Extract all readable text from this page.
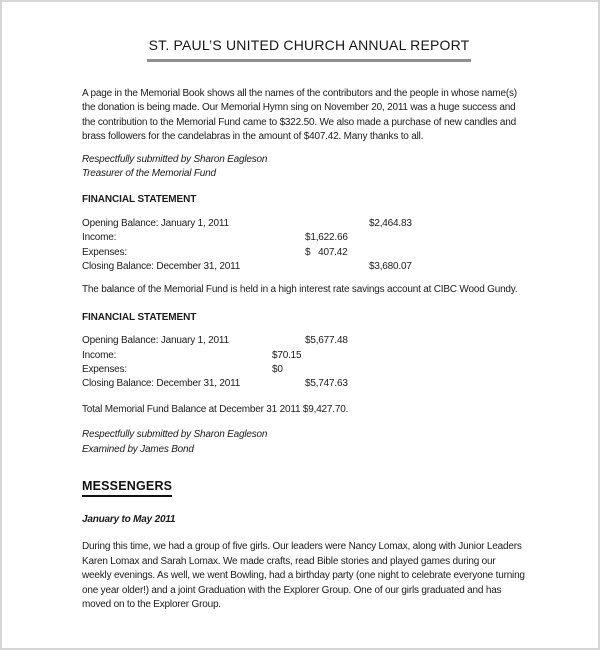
ST. PAUL’S UNITED CHURCH ANNUAL REPORT

A page in the Memorial Book shows all the names of the contributors and the people in whose name(s) the donation is being made. Our Memorial Hymn sing on November 20, 2011 was a huge success and the contribution to the Memorial Fund came to $322.50. We also made a purchase of new candles and brass followers for the candelabras in the amount of $407.42. Many thanks to all.

Respectfully submitted by Sharon Eagleson
Treasurer of the Memorial Fund
FINANCIAL STATEMENT
Opening Balance: January 1, 2011	$2,464.83
Income:	$1,622.66
Expenses:	$   407.42
Closing Balance: December 31, 2011	$3,680.07

The balance of the Memorial Fund is held in a high interest rate savings account at CIBC Wood Gundy.

FINANCIAL STATEMENT
Opening Balance: January 1, 2011	$5,677.48
Income:	$70.15
Expenses:	$0
Closing Balance: December 31, 2011	$5,747.63

Total Memorial Fund Balance at December 31 2011 $9,427.70.

Respectfully submitted by Sharon Eagleson
Examined by James Bond
MESSENGERS
January to May 2011

During this time, we had a group of five girls. Our leaders were Nancy Lomax, along with Junior Leaders Karen Lomax and Sarah Lomax. We made crafts, read Bible stories and played games during our weekly evenings. As well, we went Bowling, had a birthday party (one night to celebrate everyone turning one year older!) and a joint Graduation with the Explorer Group. One of our girls graduated and has moved on to the Explorer Group.
